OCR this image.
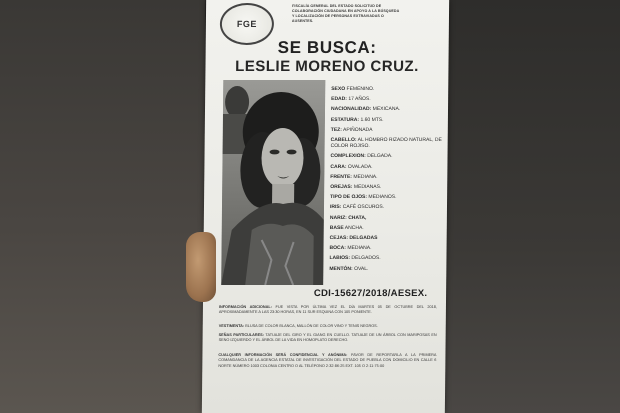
FGE
FISCALÍA GENERAL DEL ESTADO SOLICITUD DE COLABORACIÓN CIUDADANA EN APOYO A LA BÚSQUEDA Y LOCALIZACIÓN DE PERSONAS EXTRAVIADAS O AUSENTES.
SE BUSCA:
LESLIE MORENO CRUZ.
SEXO FEMENINO.
EDAD: 17 AÑOS.
NACIONALIDAD: MEXICANA.
ESTATURA: 1.60 MTS.
TEZ: APIÑONADA
CABELLO: AL HOMBRO RIZADO NATURAL, DE COLOR ROJISO.
COMPLEXION: DELGADA.
CARA: OVALADA.
FRENTE: MEDIANA.
OREJAS: MEDIANAS.
TIPO DE OJOS: MEDIANOS.
IRIS: CAFÉ OSCUROS.
NARIZ: CHATA,
BASE ANCHA.
CEJAS: DELGADAS
BOCA: MEDIANA.
LABIOS: DELGADOS.
MENTÓN: OVAL.
CDI-15627/2018/AESEX.
INFORMACIÓN ADICIONAL: FUE VISTA POR ÚLTIMA VEZ EL DÍA MARTES 05 DE OCTUBRE DEL 2018, APROXIMADAMENTE A LAS 23:30 HORAS, EN 11 SUR ESQUINA CON 105 PONIENTE.
VESTIMENTA: BLUSA DE COLOR BLANCA, MALLÓN DE COLOR VINO Y TENIS NEGROS.
SEÑAS PARTICULARES: TATUAJE DEL GIRO Y EL GIANG EN CUELLO. TATUAJE DE UN ÁRBOL CON MARIPOSAS EN SENO IZQUIERDO Y EL ÁRBOL DE LA VIDA EN HOMOPLATO DERECHO.
CUALQUIER INFORMACIÓN SERÁ CONFIDENCIAL Y ANÓNIMA: FAVOR DE REPORTARLA A LA PRIMERA COMANDANCIA DE LA AGENCIA ESTATAL DE INVESTIGACIÓN DEL ESTADO DE PUEBLA CON DOMICILIO EN CALLE 6 NORTE NÚMERO 1003 COLONIA CENTRO O AL TELÉFONO 2-32-86-25 EXT. 105 O 2-11-75-00
